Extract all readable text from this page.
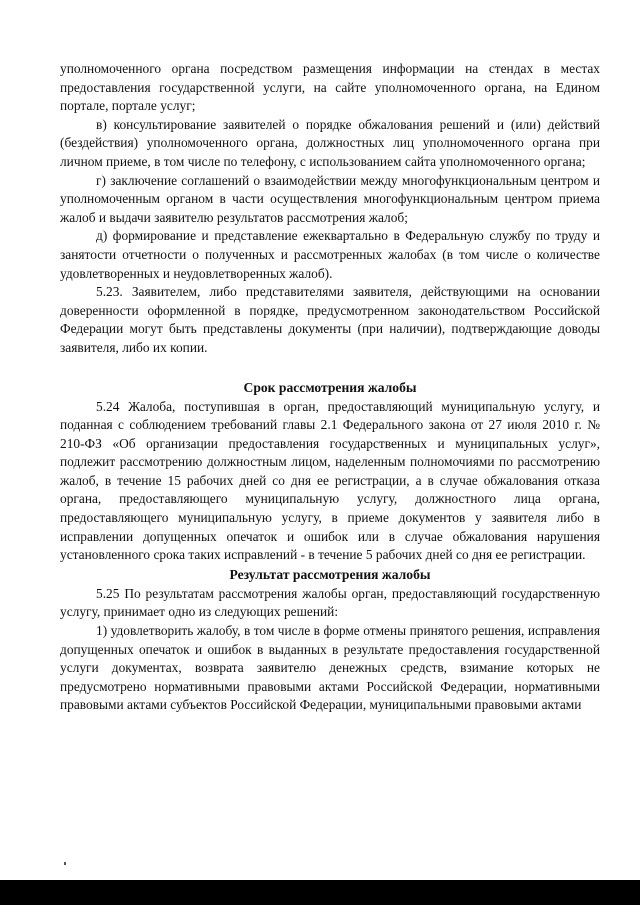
уполномоченного органа посредством размещения информации на стендах в местах предоставления государственной услуги, на сайте уполномоченного органа, на Едином портале, портале услуг;

в) консультирование заявителей о порядке обжалования решений и (или) действий (бездействия) уполномоченного органа, должностных лиц уполномоченного органа при личном приеме, в том числе по телефону, с использованием сайта уполномоченного органа;

г) заключение соглашений о взаимодействии между многофункциональным центром и уполномоченным органом в части осуществления многофункциональным центром приема жалоб и выдачи заявителю результатов рассмотрения жалоб;

д) формирование и представление ежеквартально в Федеральную службу по труду и занятости отчетности о полученных и рассмотренных жалобах (в том числе о количестве удовлетворенных и неудовлетворенных жалоб).

5.23. Заявителем, либо представителями заявителя, действующими на основании доверенности оформленной в порядке, предусмотренном законодательством Российской Федерации могут быть представлены документы (при наличии), подтверждающие доводы заявителя, либо их копии.

Срок рассмотрения жалобы

5.24 Жалоба, поступившая в орган, предоставляющий муниципальную услугу, и поданная с соблюдением требований главы 2.1 Федерального закона от 27 июля 2010 г. № 210-ФЗ «Об организации предоставления государственных и муниципальных услуг», подлежит рассмотрению должностным лицом, наделенным полномочиями по рассмотрению жалоб, в течение 15 рабочих дней со дня ее регистрации, а в случае обжалования отказа органа, предоставляющего муниципальную услугу, должностного лица органа, предоставляющего муниципальную услугу, в приеме документов у заявителя либо в исправлении допущенных опечаток и ошибок или в случае обжалования нарушения установленного срока таких исправлений - в течение 5 рабочих дней со дня ее регистрации.

Результат рассмотрения жалобы

5.25 По результатам рассмотрения жалобы орган, предоставляющий государственную услугу, принимает одно из следующих решений:

1) удовлетворить жалобу, в том числе в форме отмены принятого решения, исправления допущенных опечаток и ошибок в выданных в результате предоставления государственной услуги документах, возврата заявителю денежных средств, взимание которых не предусмотрено нормативными правовыми актами Российской Федерации, нормативными правовыми актами субъектов Российской Федерации, муниципальными правовыми актами
